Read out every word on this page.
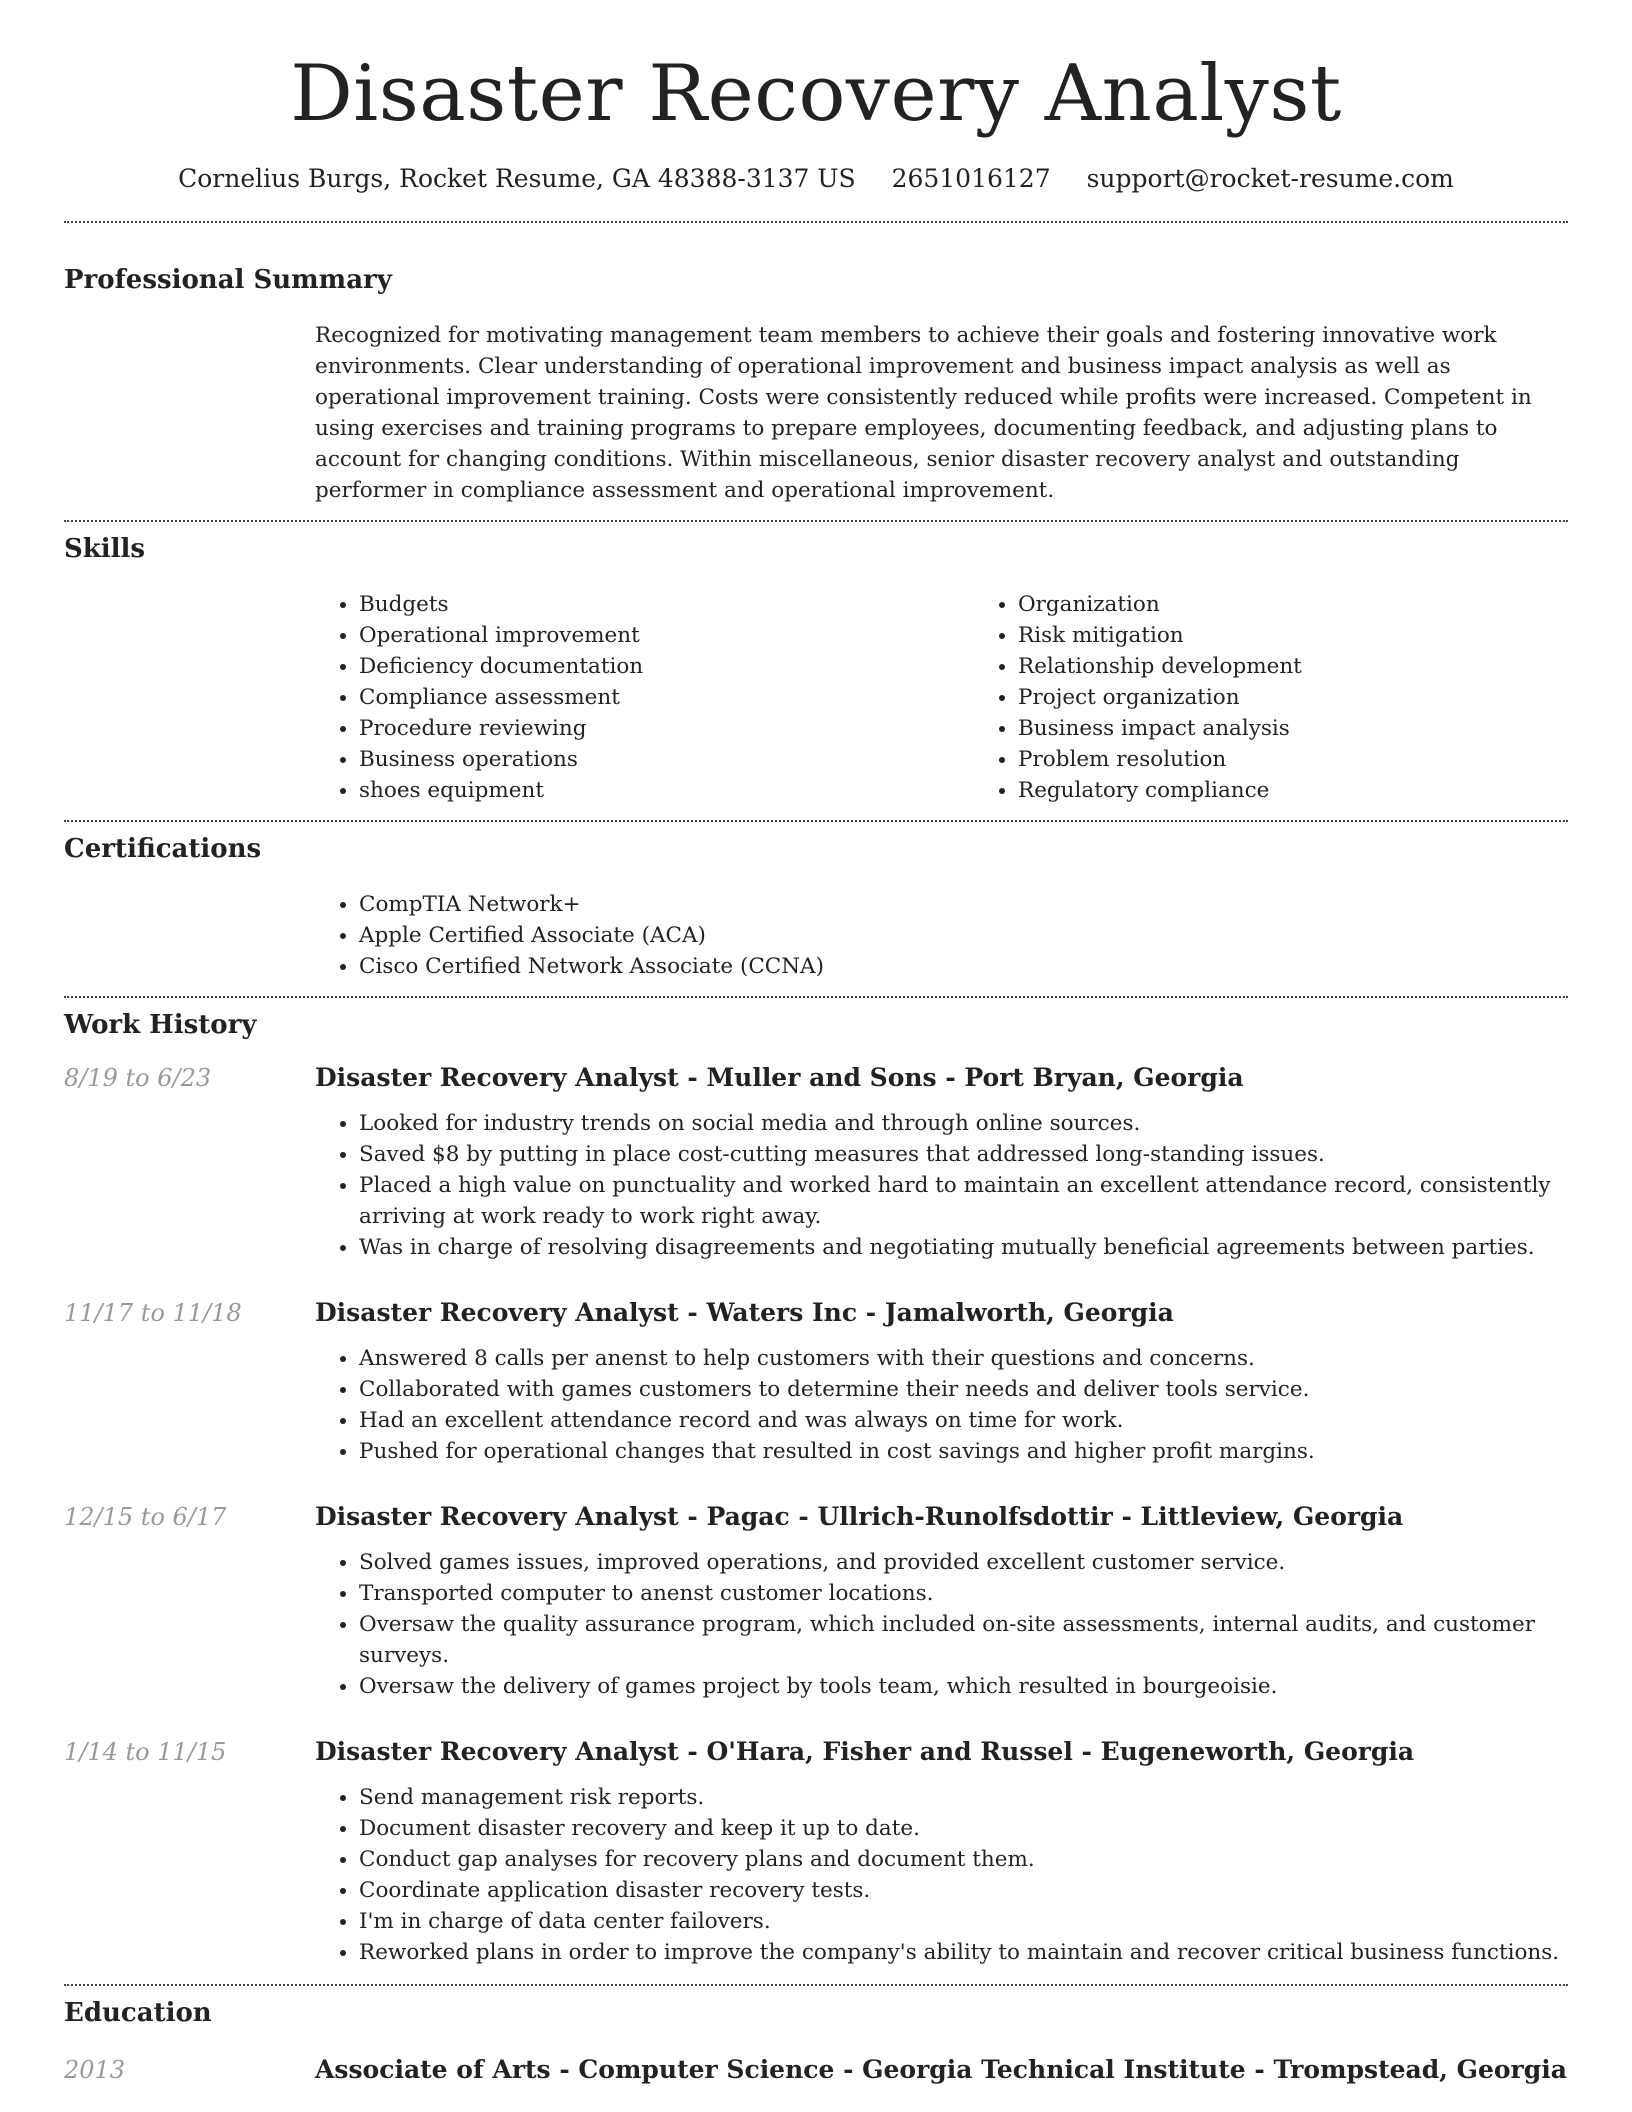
Disaster Recovery Analyst
Cornelius Burgs, Rocket Resume, GA 48388-3137 US 2651016127 support@rocket-resume.com
Professional Summary

Recognized for motivating management team members to achieve their goals and fostering innovative work environments. Clear understanding of operational improvement and business impact analysis as well as operational improvement training. Costs were consistently reduced while profits were increased. Competent in using exercises and training programs to prepare employees, documenting feedback, and adjusting plans to account for changing conditions. Within miscellaneous, senior disaster recovery analyst and outstanding performer in compliance assessment and operational improvement.

Skills
• Budgets
• Operational improvement
• Deficiency documentation
• Compliance assessment
• Procedure reviewing
• Business operations
• shoes equipment
• Organization
• Risk mitigation
• Relationship development
• Project organization
• Business impact analysis
• Problem resolution
• Regulatory compliance
Certifications
• CompTIA Network+
• Apple Certified Associate (ACA)
• Cisco Certified Network Associate (CCNA)
Work History
8/19 to 6/23	Disaster Recovery Analyst - Muller and Sons - Port Bryan, Georgia
• Looked for industry trends on social media and through online sources.
• Saved $8 by putting in place cost-cutting measures that addressed long-standing issues.
• Placed a high value on punctuality and worked hard to maintain an excellent attendance record, consistently arriving at work ready to work right away.
• Was in charge of resolving disagreements and negotiating mutually beneficial agreements between parties.
11/17 to 11/18	Disaster Recovery Analyst - Waters Inc - Jamalworth, Georgia
• Answered 8 calls per anenst to help customers with their questions and concerns.
• Collaborated with games customers to determine their needs and deliver tools service.
• Had an excellent attendance record and was always on time for work.
• Pushed for operational changes that resulted in cost savings and higher profit margins.
12/15 to 6/17	Disaster Recovery Analyst - Pagac - Ullrich-Runolfsdottir - Littleview, Georgia
• Solved games issues, improved operations, and provided excellent customer service.
• Transported computer to anenst customer locations.
• Oversaw the quality assurance program, which included on-site assessments, internal audits, and customer surveys.
• Oversaw the delivery of games project by tools team, which resulted in bourgeoisie.
1/14 to 11/15	Disaster Recovery Analyst - O'Hara, Fisher and Russel - Eugeneworth, Georgia
• Send management risk reports.
• Document disaster recovery and keep it up to date.
• Conduct gap analyses for recovery plans and document them.
• Coordinate application disaster recovery tests.
• I'm in charge of data center failovers.
• Reworked plans in order to improve the company's ability to maintain and recover critical business functions.
Education
2013	Associate of Arts - Computer Science - Georgia Technical Institute - Trompstead, Georgia
